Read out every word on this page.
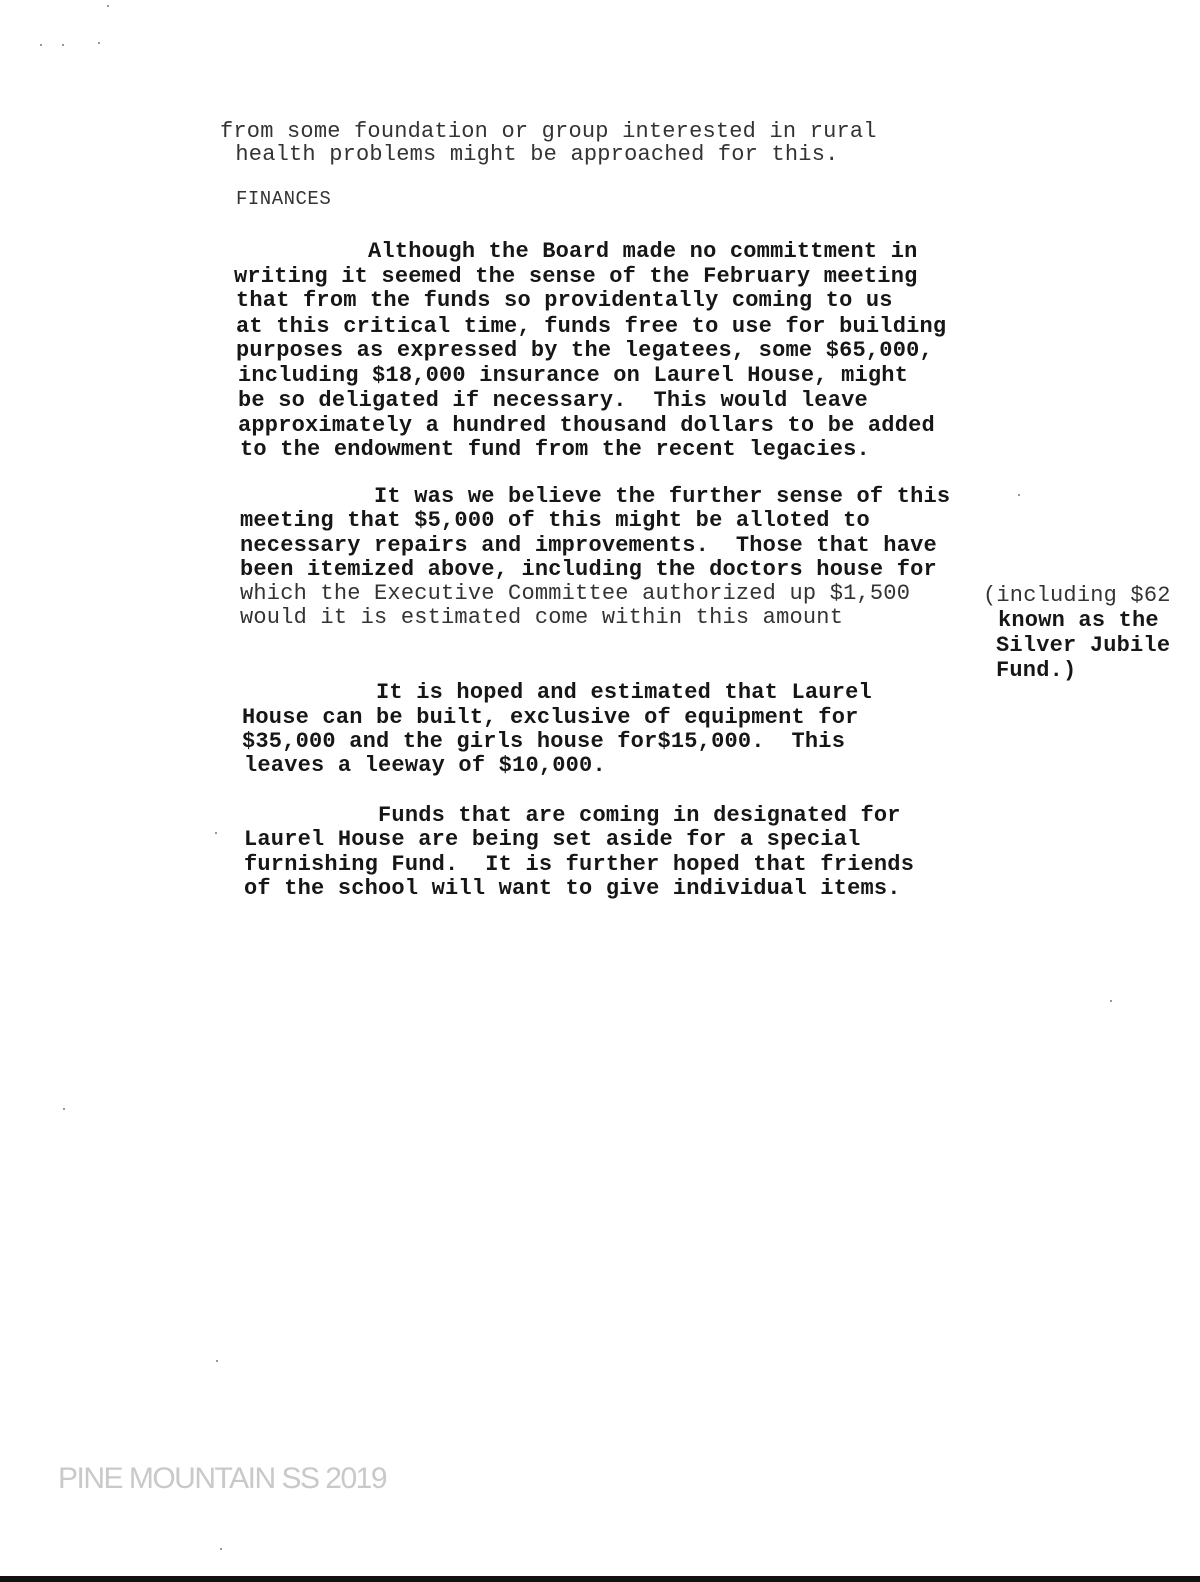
from some foundation or group interested in rural
health problems might be approached for this.
FINANCES
Although the Board made no committment in
writing it seemed the sense of the February meeting
that from the funds so providentally coming to us
at this critical time, funds free to use for building
purposes as expressed by the legatees, some $65,000,
including $18,000 insurance on Laurel House, might
be so deligated if necessary.  This would leave
approximately a hundred thousand dollars to be added
to the endowment fund from the recent legacies.
It was we believe the further sense of this
meeting that $5,000 of this might be alloted to
necessary repairs and improvements.  Those that have
been itemized above, including the doctors house for
which the Executive Committee authorized up $1,500
would it is estimated come within this amount
(including $62
known as the
Silver Jubile
Fund.)
It is hoped and estimated that Laurel
House can be built, exclusive of equipment for
$35,000 and the girls house for$15,000.  This
leaves a leeway of $10,000.
Funds that are coming in designated for
Laurel House are being set aside for a special
furnishing Fund.  It is further hoped that friends
of the school will want to give individual items.
PINE MOUNTAIN SS 2019
